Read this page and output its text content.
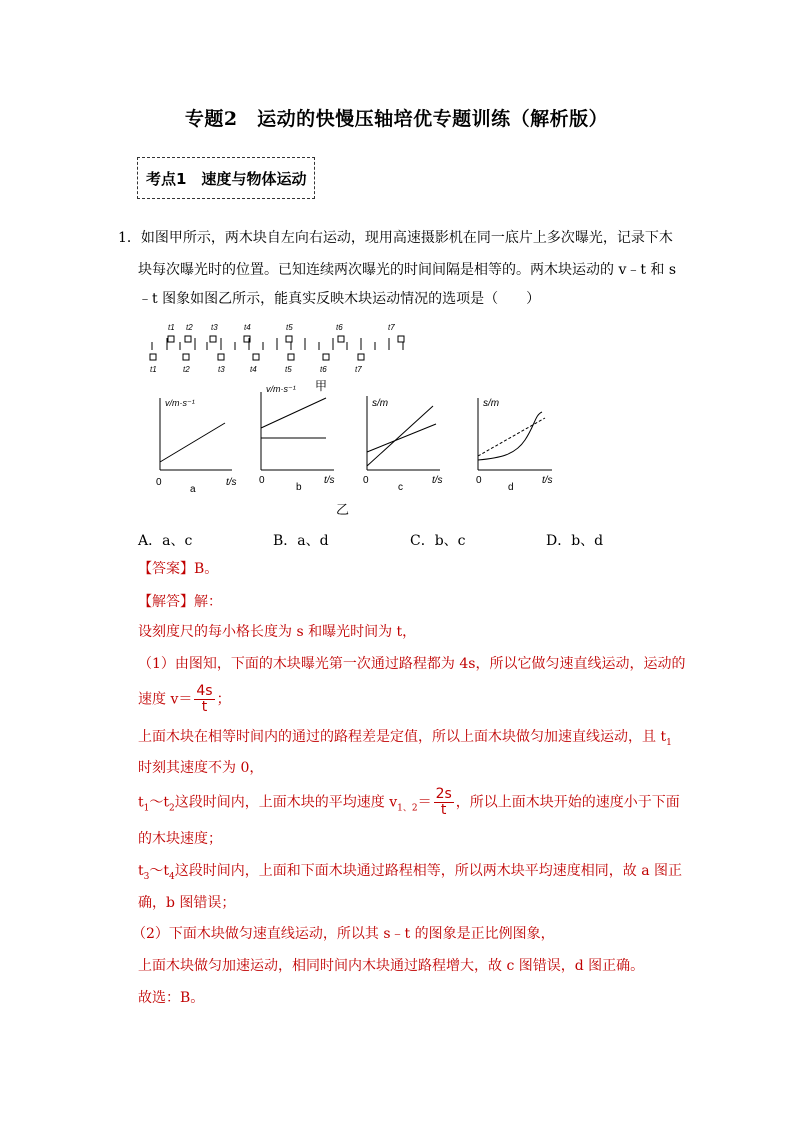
专题2　运动的快慢压轴培优专题训练（解析版）
考点1　速度与物体运动
1．如图甲所示，两木块自左向右运动，现用高速摄影机在同一底片上多次曝光，记录下木
块每次曝光时的位置。已知连续两次曝光的时间间隔是相等的。两木块运动的 v﹣t 和 s
﹣t 图象如图乙所示，能真实反映木块运动情况的选项是（　　）
t1 t2 t3	t4	t5	t6	t7
t1	t2	t3	t4	t5	t6	t7
甲
v/m·s⁻¹
t/s
0
a
v/m·s⁻¹
t/s
0
b
s/m
t/s
0
c
s/m
t/s
0
d
乙
A．a、c	B．a、d	C．b、c	D．b、d
【答案】B。
【解答】解：
设刻度尺的每小格长度为 s 和曝光时间为 t，
（1）由图知，下面的木块曝光第一次通过路程都为 4s，所以它做匀速直线运动，运动的
速度 $v= \frac{4s}{t}$ ；
上面木块在相等时间内的通过的路程差是定值，所以上面木块做匀加速直线运动，且 $t_1$
时刻其速度不为 0，
$t_1\sim t_2$这段时间内，上面木块的平均速度 $v_{1、2}= \frac{2s}{t}$ ，所以上面木块开始的速度小于下面
的木块速度；
$t_3\sim t_4$这段时间内，上面和下面木块通过路程相等，所以两木块平均速度相同，故 a 图正
确，b 图错误；
（2）下面木块做匀速直线运动，所以其 s﹣t 的图象是正比例图象，
上面木块做匀加速运动，相同时间内木块通过路程增大，故 c 图错误，d 图正确。
故选：B。
